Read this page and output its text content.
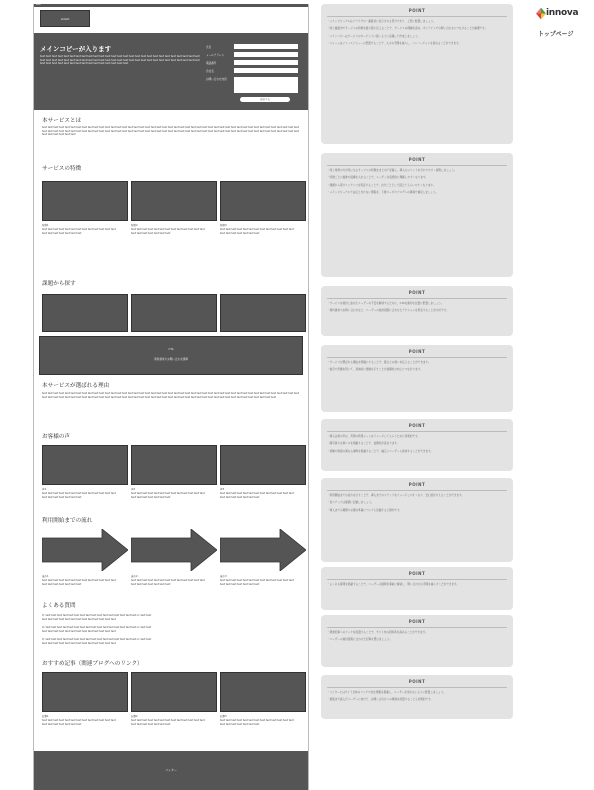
xxxx
LOGO
メインコピーが入ります
text text text text text text text text text text text text text text text text text text text text text text text text text text text text text text text text text text text text text text text text text text text text text text text text text text text text text text text text text text text text text text text text text text text text text
氏名
メールアドレス
電話番号
会社名
お問い合わせ内容
送信する
本サービスとは
text text text text text text text text text text text text text text text text text text text text text text text text text text text text text text text text text text text text text text text text text text text text text text text text text text text text text text text text text text text text text text text text text text text text text text text text text text text text text text text text text text text text text text text text text text text text text text text text
サービスの特徴
特徴1	特徴2	特徴3
text text text text text text text text text text text text text text text text text text text text
text text text text text text text text text text text text text text text text text text text text
text text text text text text text text text text text text text text text text text text text text
課題から探す
CTA
資料請求やお問い合わせ誘導
本サービスが選ばれる理由
text text text text text text text text text text text text text text text text text text text text text text text text text text text text text text text text text text text text text text text text text text text text text text text text text text text text text text text text text text text text text text text text text text text text text text text text text text text text text text text text text text text text text text
お客様の声
声1	声2	声3
text text text text text text text text text text text text text text text text text text text text
text text text text text text text text text text text text text text text text text text text text
text text text text text text text text text text text text text text text text text text text text
利用開始までの流れ
流れ1	流れ2	流れ3
text text text text text text text text text text text text text text text text text text text text
text text text text text text text text text text text text text text text text text text text text
text text text text text text text text text text text text text text text text text text text text
よくある質問
Q: text text text text text text text text text text text text text text text text A: text text text text text text text text text text text text text text text
Q: text text text text text text text text text text text text text text text text A: text text text text text text text text text text text text text text text
Q: text text text text text text text text text text text text text text text text A: text text text text text text text text text text text text text text text
おすすめ記事（関連ブログへのリンク）
記事1	記事2	記事3
text text text text text text text text text text text text text text text text text text text text
text text text text text text text text text text text text text text text text text text text text
text text text text text text text text text text text text text text text text text text text text
フッター
POINT

・メインビジュアルはブラウザの一番最初に表示される部分であり、上部に配置しましょう。

・同じ画面内でサービスの特徴を最大限に伝えることで、サービスの理解を深め、オンラインでの問い合わせにつなげることが重要です。

・メインコピーはサービスのターゲットに届くように意識して作成しましょう。

・フォームはファーストビューに配置することで、入力の手間を減らし、コンバージョンを高めることができます。

POINT

・同じ業界の方が気になるサービスの特徴をまとめて記載し、導入のメリットを分かりやすく説明しましょう。

・特徴ごとに画像や図解を入れることで、ユーザーが直感的に理解しやすくなります。

・課題から探すコンテンツを用意することで、自分ごととして捉えてもらいやすくなります。

・メインビジュアルでは伝えきれない情報を、下層ページやブログへの導線で補足しましょう。

POINT

・サービスを検討し始めたユーザーの不安を解消するために、CTAを適切な位置に配置しましょう。

・資料請求やお問い合わせなど、ユーザーの検討段階に合わせたアクションを用意することが大切です。

POINT

・サービスが選ばれる理由を明確にすることで、競合との違いを伝えることができます。

・数字や実績を用いて、具体的に根拠を示すことが信頼性の向上につながります。

POINT

・導入企業の声は、実際の利用シーンをイメージしてもらうために効果的です。

・顔写真や企業ロゴを掲載することで、信頼性が高まります。

・業種や規模の異なる事例を掲載することで、幅広いユーザーに訴求することができます。

POINT

・利用開始までの流れを示すことで、導入までのステップをイメージしやすくなり、安心感を与えることができます。

・各ステップは簡潔に記載しましょう。

・導入までの期間や必要な準備についても記載すると親切です。

POINT

・よくある質問を掲載することで、ユーザーの疑問を事前に解消し、問い合わせの手間を減らすことができます。

POINT

・関連記事へのリンクを設置することで、サイト内の回遊率を高めることができます。

・ユーザーの検討段階に合わせた記事を選びましょう。

POINT

・フッターにはサイト全体のリンクや会社情報を掲載し、ユーザーが迷わないように配置しましょう。

・最後まで読んだユーザーに向けて、お問い合わせへの導線を設置することも効果的です。

innova
トップページ
